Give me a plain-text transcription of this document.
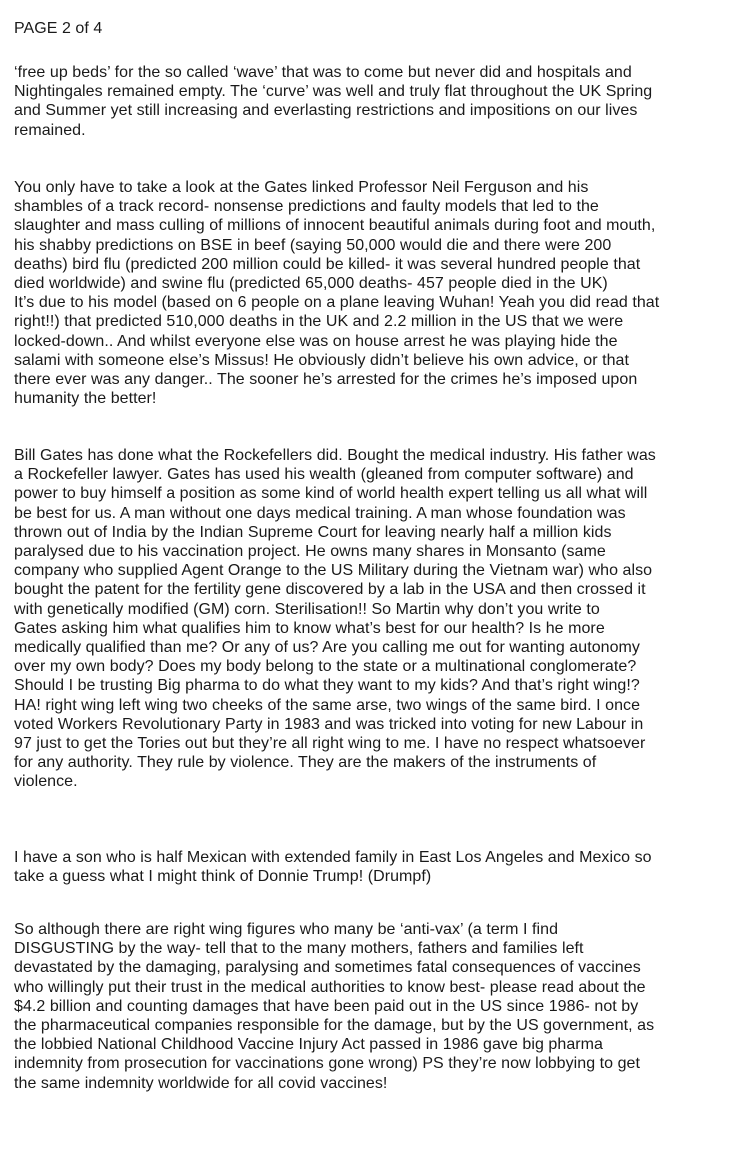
PAGE 2 of 4

‘free up beds’ for the so called ‘wave’ that was to come but never did and hospitals and
Nightingales remained empty. The ‘curve’ was well and truly flat throughout the UK Spring
and Summer yet still increasing and everlasting restrictions and impositions on our lives
remained.

You only have to take a look at the Gates linked Professor Neil Ferguson and his
shambles of a track record- nonsense predictions and faulty models that led to the
slaughter and mass culling of millions of innocent beautiful animals during foot and mouth,
his shabby predictions on BSE in beef (saying 50,000 would die and there were 200
deaths) bird flu (predicted 200 million could be killed- it was several hundred people that
died worldwide) and swine flu (predicted 65,000 deaths- 457 people died in the UK)
It’s due to his model (based on 6 people on a plane leaving Wuhan! Yeah you did read that
right!!) that predicted 510,000 deaths in the UK and 2.2 million in the US that we were
locked-down.. And whilst everyone else was on house arrest he was playing hide the
salami with someone else’s Missus! He obviously didn’t believe his own advice, or that
there ever was any danger.. The sooner he’s arrested for the crimes he’s imposed upon
humanity the better!

Bill Gates has done what the Rockefellers did. Bought the medical industry. His father was
a Rockefeller lawyer. Gates has used his wealth (gleaned from computer software) and
power to buy himself a position as some kind of world health expert telling us all what will
be best for us. A man without one days medical training. A man whose foundation was
thrown out of India by the Indian Supreme Court for leaving nearly half a million kids
paralysed due to his vaccination project. He owns many shares in Monsanto (same
company who supplied Agent Orange to the US Military during the Vietnam war) who also
bought the patent for the fertility gene discovered by a lab in the USA and then crossed it
with genetically modified (GM) corn. Sterilisation!! So Martin why don’t you write to
Gates asking him what qualifies him to know what’s best for our health? Is he more
medically qualified than me? Or any of us? Are you calling me out for wanting autonomy
over my own body? Does my body belong to the state or a multinational conglomerate?
Should I be trusting Big pharma to do what they want to my kids? And that’s right wing!?
HA! right wing left wing two cheeks of the same arse, two wings of the same bird. I once
voted Workers Revolutionary Party in 1983 and was tricked into voting for new Labour in
97 just to get the Tories out but they’re all right wing to me. I have no respect whatsoever
for any authority. They rule by violence. They are the makers of the instruments of
violence.

I have a son who is half Mexican with extended family in East Los Angeles and Mexico so
take a guess what I might think of Donnie Trump! (Drumpf)

So although there are right wing figures who many be ‘anti-vax’ (a term I find
DISGUSTING by the way- tell that to the many mothers, fathers and families left
devastated by the damaging, paralysing and sometimes fatal consequences of vaccines
who willingly put their trust in the medical authorities to know best- please read about the
$4.2 billion and counting damages that have been paid out in the US since 1986- not by
the pharmaceutical companies responsible for the damage, but by the US government, as
the lobbied National Childhood Vaccine Injury Act passed in 1986 gave big pharma
indemnity from prosecution for vaccinations gone wrong) PS they’re now lobbying to get
the same indemnity worldwide for all covid vaccines!
